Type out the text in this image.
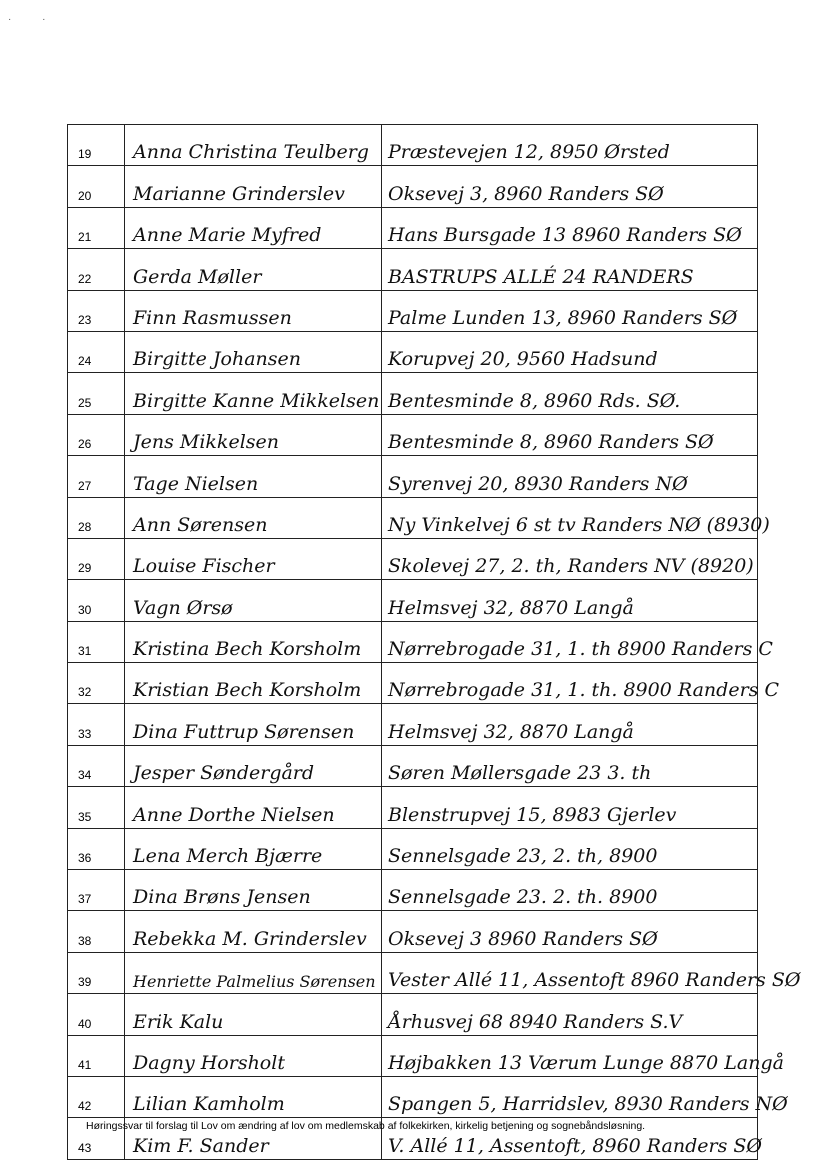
· ·
19	Anna Christina Teulberg	Præstevejen 12, 8950 Ørsted
20	Marianne Grinderslev	Oksevej 3, 8960 Randers SØ
21	Anne Marie Myfred	Hans Bursgade 13 8960 Randers SØ
22	Gerda Møller	BASTRUPS ALLÉ 24 RANDERS
23	Finn Rasmussen	Palme Lunden 13, 8960 Randers SØ
24	Birgitte Johansen	Korupvej 20, 9560 Hadsund
25	Birgitte Kanne Mikkelsen	Bentesminde 8, 8960 Rds. SØ.
26	Jens Mikkelsen	Bentesminde 8, 8960 Randers SØ
27	Tage Nielsen	Syrenvej 20, 8930 Randers NØ
28	Ann Sørensen	Ny Vinkelvej 6 st tv Randers NØ (8930)
29	Louise Fischer	Skolevej 27, 2. th, Randers NV (8920)
30	Vagn Ørsø	Helmsvej 32, 8870 Langå
31	Kristina Bech Korsholm	Nørrebrogade 31, 1. th 8900 Randers C
32	Kristian Bech Korsholm	Nørrebrogade 31, 1. th. 8900 Randers C
33	Dina Futtrup Sørensen	Helmsvej 32, 8870 Langå
34	Jesper Søndergård	Søren Møllersgade 23 3. th
35	Anne Dorthe Nielsen	Blenstrupvej 15, 8983 Gjerlev
36	Lena Merch Bjærre	Sennelsgade 23, 2. th, 8900
37	Dina Brøns Jensen	Sennelsgade 23. 2. th. 8900
38	Rebekka M. Grinderslev	Oksevej 3 8960 Randers SØ
39	Henriette Palmelius Sørensen	Vester Allé 11, Assentoft 8960 Randers SØ
40	Erik Kalu	Århusvej 68 8940 Randers S.V
41	Dagny Horsholt	Højbakken 13 Værum Lunge 8870 Langå
42	Lilian Kamholm	Spangen 5, Harridslev, 8930 Randers NØ
43	Kim F. Sander	V. Allé 11, Assentoft, 8960 Randers SØ
Høringssvar til forslag til Lov om ændring af lov om medlemskab af folkekirken, kirkelig betjening og sognebåndsløsning.
